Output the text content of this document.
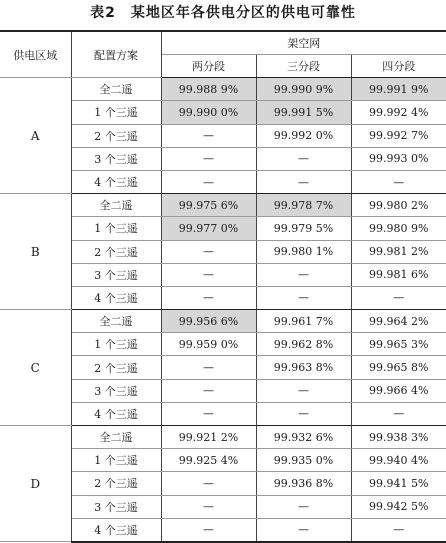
表2　某地区年各供电分区的供电可靠性
供电区域	配置方案	架空网		
		两分段	三分段	四分段
A	全二遥	99.988 9%	99.990 9%	99.991 9%
	1 个三遥	99.990 0%	99.991 5%	99.992 4%
	2 个三遥	—	99.992 0%	99.992 7%
	3 个三遥	—	—	99.993 0%
	4 个三遥	—	—	—
B	全二遥	99.975 6%	99.978 7%	99.980 2%
	1 个三遥	99.977 0%	99.979 5%	99.980 9%
	2 个三遥	—	99.980 1%	99.981 2%
	3 个三遥	—	—	99.981 6%
	4 个三遥	—	—	—
C	全二遥	99.956 6%	99.961 7%	99.964 2%
	1 个三遥	99.959 0%	99.962 8%	99.965 3%
	2 个三遥	—	99.963 8%	99.965 8%
	3 个三遥	—	—	99.966 4%
	4 个三遥	—	—	—
D	全二遥	99.921 2%	99.932 6%	99.938 3%
	1 个三遥	99.925 4%	99.935 0%	99.940 4%
	2 个三遥	—	99.936 8%	99.941 5%
	3 个三遥	—	—	99.942 5%
	4 个三遥	—	—	—
